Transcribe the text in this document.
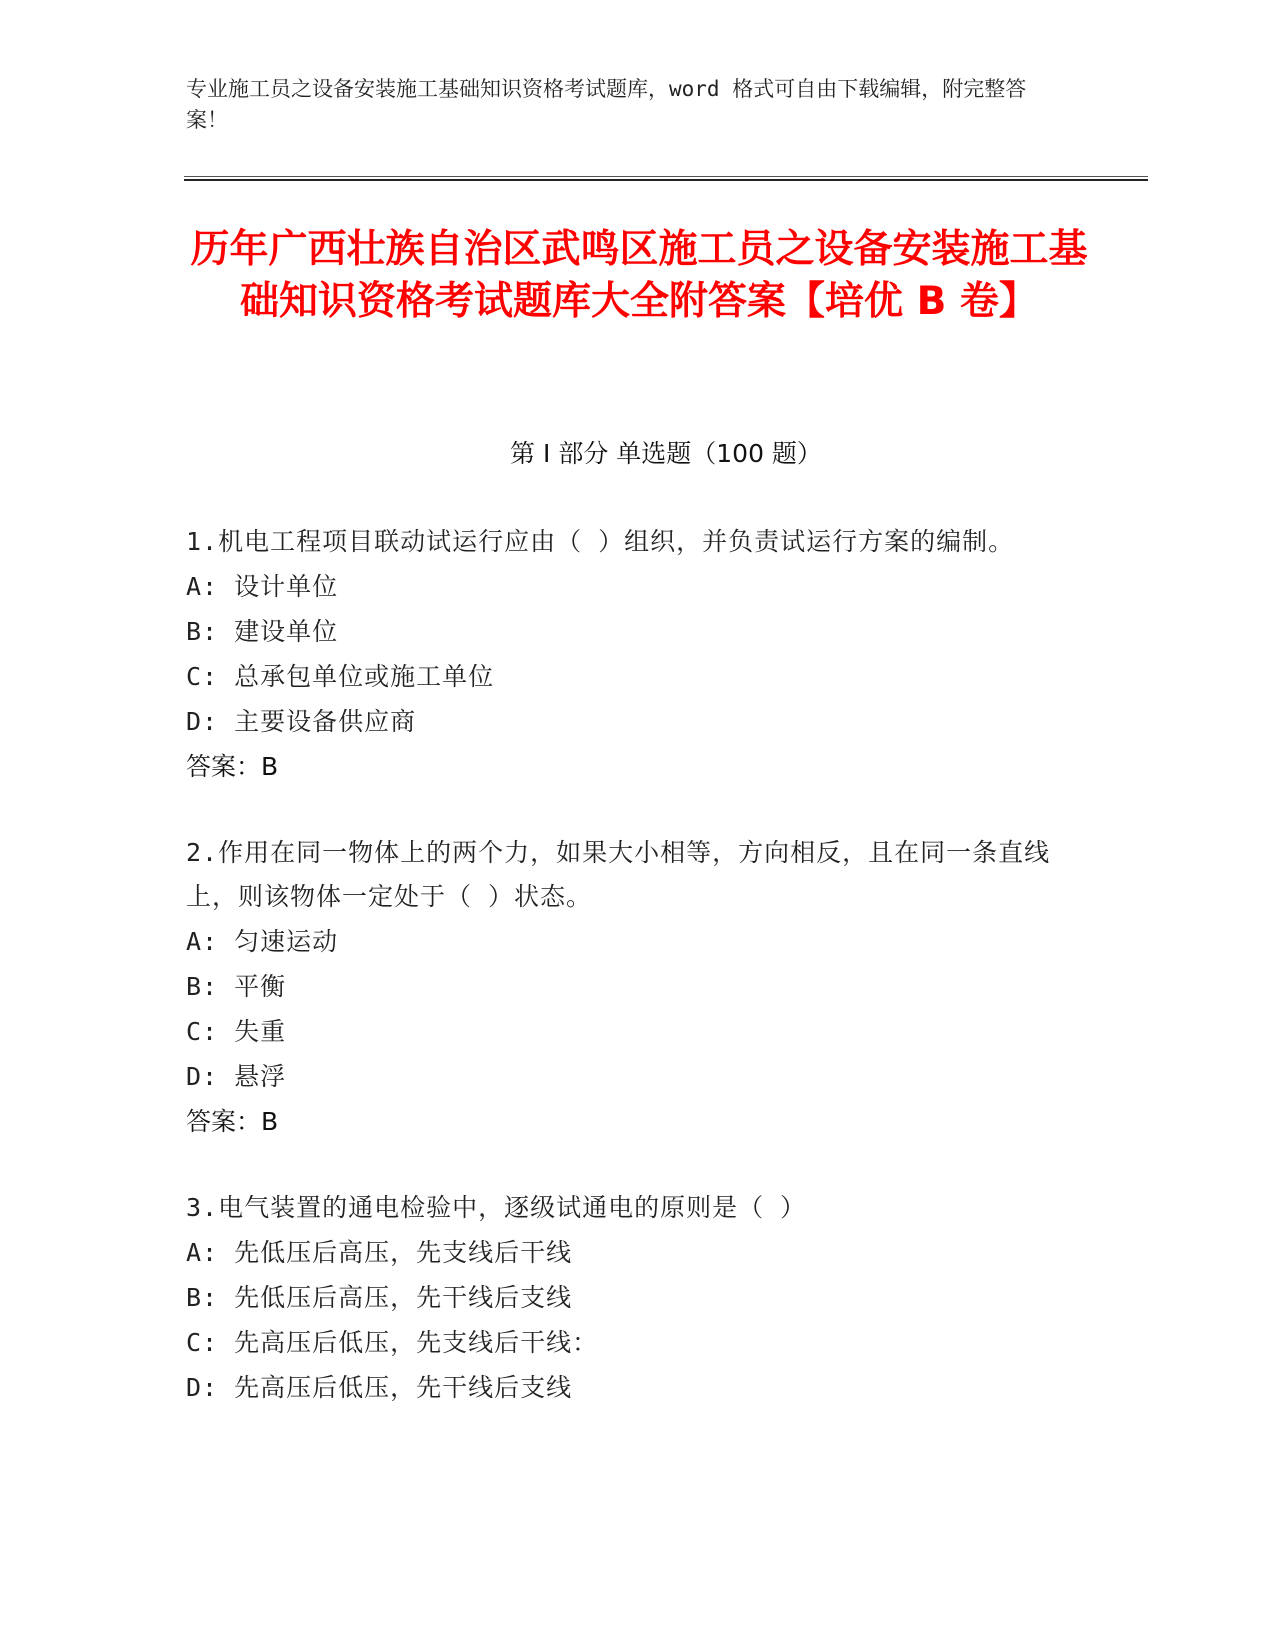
专业施工员之设备安装施工基础知识资格考试题库，word 格式可自由下载编辑，附完整答案！
历年广西壮族自治区武鸣区施工员之设备安装施工基础知识资格考试题库大全附答案【培优 B 卷】
第 I 部分 单选题（100 题）

1.机电工程项目联动试运行应由（ ）组织，并负责试运行方案的编制。

A: 设计单位

B: 建设单位

C: 总承包单位或施工单位

D: 主要设备供应商

答案：B

2.作用在同一物体上的两个力，如果大小相等，方向相反，且在同一条直线上，则该物体一定处于（ ）状态。

A: 匀速运动

B: 平衡

C: 失重

D: 悬浮

答案：B

3.电气装置的通电检验中，逐级试通电的原则是（ ）

A: 先低压后高压，先支线后干线

B: 先低压后高压，先干线后支线

C: 先高压后低压，先支线后干线：

D: 先高压后低压，先干线后支线
